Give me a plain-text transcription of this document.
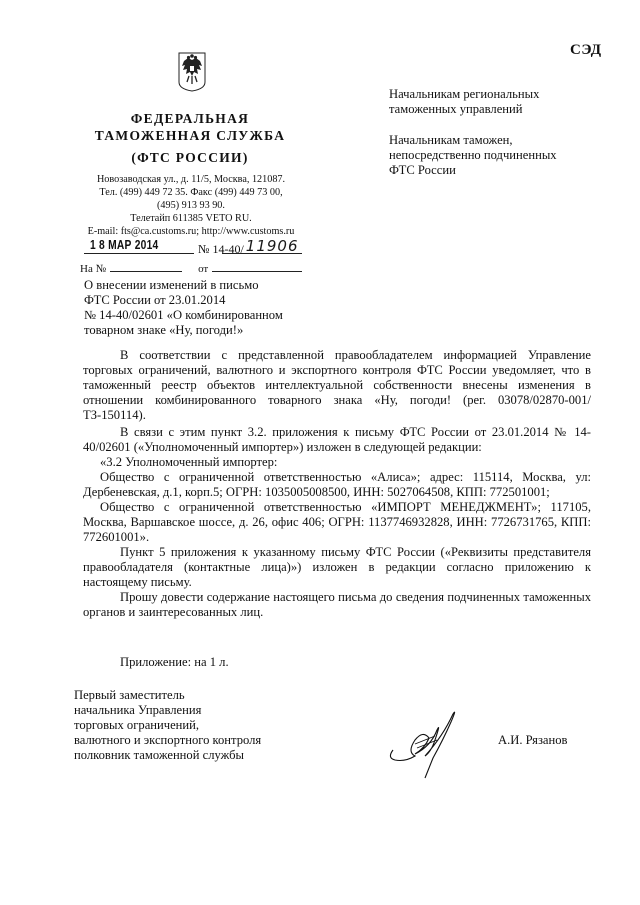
СЭД
ФЕДЕРАЛЬНАЯ
ТАМОЖЕННАЯ СЛУЖБА
(ФТС РОССИИ)
Новозаводская ул., д. 11/5, Москва, 121087.
Тел. (499) 449 72 35. Факс (499) 449 73 00,
(495) 913 93 90.
Телетайп 611385 VETO RU.
E-mail: fts@ca.customs.ru; http://www.customs.ru
1 8 МАР 2014	№ 14-40/ 11906
На №	от
О внесении изменений в письмо
ФТС России от 23.01.2014
№ 14-40/02601 «О комбинированном
товарном знаке «Ну, погоди!»
Начальникам региональных
таможенных управлений
Начальникам таможен,
непосредственно подчиненных
ФТС России

В соответствии с представленной правообладателем информацией Управление торговых ограничений, валютного и экспортного контроля ФТС России уведомляет, что в таможенный реестр объектов интеллектуальной собственности внесены изменения в отношении комбинированного товарного знака «Ну, погоди! (рег. 03078/02870-001/ ТЗ-150114).

В связи с этим пункт 3.2. приложения к письму ФТС России от 23.01.2014 № 14-40/02601 («Уполномоченный импортер») изложен в следующей редакции:

«3.2 Уполномоченный импортер:

Общество с ограниченной ответственностью «Алиса»; адрес: 115114, Москва, ул: Дербеневская, д.1, корп.5; ОГРН: 1035005008500, ИНН: 5027064508, КПП: 772501001;

Общество с ограниченной ответственностью «ИМПОРТ МЕНЕДЖМЕНТ»; 117105, Москва, Варшавское шоссе, д. 26, офис 406; ОГРН: 1137746932828, ИНН: 7726731765, КПП: 772601001».

Пункт 5 приложения к указанному письму ФТС России («Реквизиты представителя правообладателя (контактные лица)») изложен в редакции согласно приложению к настоящему письму.

Прошу довести содержание настоящего письма до сведения подчиненных таможенных органов и заинтересованных лиц.

Приложение: на 1 л.
Первый заместитель
начальника Управления
торговых ограничений,
валютного и экспортного контроля
полковник таможенной службы
А.И. Рязанов
